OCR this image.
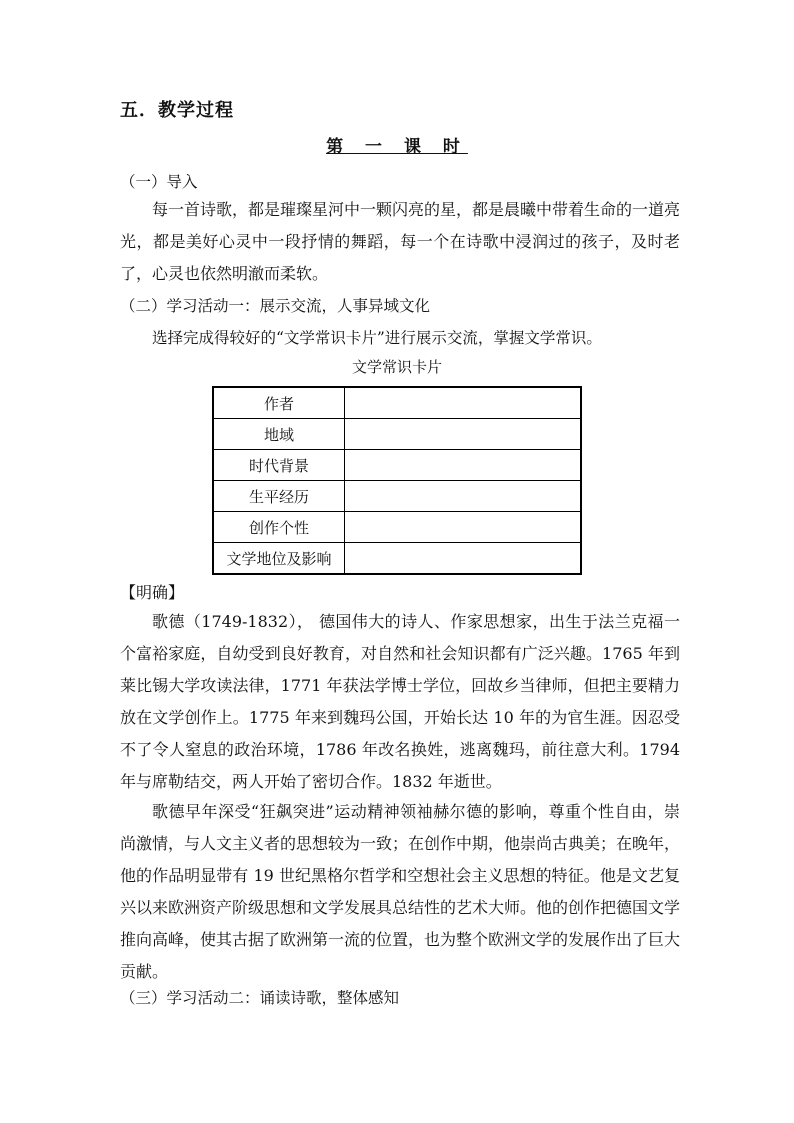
五．教学过程
第 一 课 时
（一）导入
每一首诗歌，都是璀璨星河中一颗闪亮的星，都是晨曦中带着生命的一道亮光，都是美好心灵中一段抒情的舞蹈，每一个在诗歌中浸润过的孩子，及时老了，心灵也依然明澈而柔软。
（二）学习活动一：展示交流，人事异域文化
选择完成得较好的“文学常识卡片”进行展示交流，掌握文学常识。
文学常识卡片
作者	
地域	
时代背景	
生平经历	
创作个性	
文学地位及影响	
【明确】
歌德（1749-1832）， 德国伟大的诗人、作家思想家，出生于法兰克福一个富裕家庭，自幼受到良好教育，对自然和社会知识都有广泛兴趣。1765 年到莱比锡大学攻读法律，1771 年获法学博士学位，回故乡当律师，但把主要精力放在文学创作上。1775 年来到魏玛公国，开始长达 10 年的为官生涯。因忍受不了令人窒息的政治环境，1786 年改名换姓，逃离魏玛，前往意大利。1794 年与席勒结交，两人开始了密切合作。1832 年逝世。
歌德早年深受“狂飙突进”运动精神领袖赫尔德的影响，尊重个性自由，崇尚激情，与人文主义者的思想较为一致；在创作中期，他崇尚古典美；在晚年，他的作品明显带有 19 世纪黑格尔哲学和空想社会主义思想的特征。他是文艺复兴以来欧洲资产阶级思想和文学发展具总结性的艺术大师。他的创作把德国文学推向高峰，使其古据了欧洲第一流的位置，也为整个欧洲文学的发展作出了巨大贡献。
（三）学习活动二：诵读诗歌，整体感知
